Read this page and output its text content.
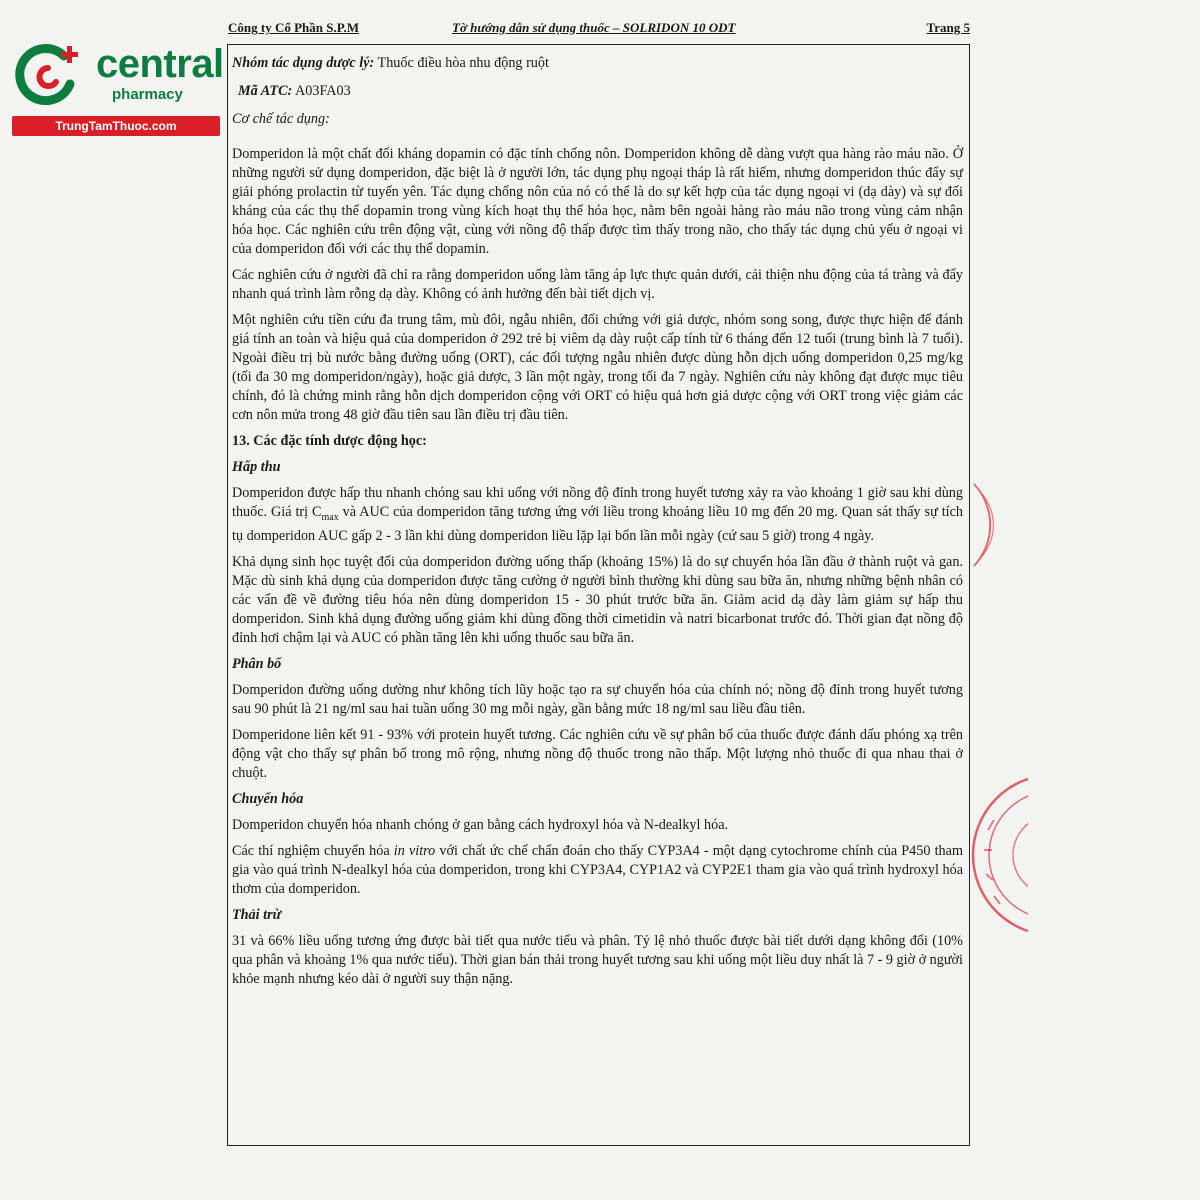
central
pharmacy
TrungTamThuoc.com
Công ty Cổ Phần S.P.M	Tờ hướng dẫn sử dụng thuốc – SOLRIDON 10 ODT	Trang 5

Nhóm tác dụng dược lý: Thuốc điều hòa nhu động ruột

Mã ATC: A03FA03

Cơ chế tác dụng:

Domperidon là một chất đối kháng dopamin có đặc tính chống nôn. Domperidon không dễ dàng vượt qua hàng rào máu não. Ở những người sử dụng domperidon, đặc biệt là ở người lớn, tác dụng phụ ngoại tháp là rất hiếm, nhưng domperidon thúc đẩy sự giải phóng prolactin từ tuyến yên. Tác dụng chống nôn của nó có thể là do sự kết hợp của tác dụng ngoại vi (dạ dày) và sự đối kháng của các thụ thể dopamin trong vùng kích hoạt thụ thể hóa học, nằm bên ngoài hàng rào máu não trong vùng cảm nhận hóa học. Các nghiên cứu trên động vật, cùng với nồng độ thấp được tìm thấy trong não, cho thấy tác dụng chủ yếu ở ngoại vi của domperidon đối với các thụ thể dopamin.

Các nghiên cứu ở người đã chỉ ra rằng domperidon uống làm tăng áp lực thực quản dưới, cải thiện nhu động của tá tràng và đẩy nhanh quá trình làm rỗng dạ dày. Không có ảnh hưởng đến bài tiết dịch vị.

Một nghiên cứu tiền cứu đa trung tâm, mù đôi, ngẫu nhiên, đối chứng với giả dược, nhóm song song, được thực hiện để đánh giá tính an toàn và hiệu quả của domperidon ở 292 trẻ bị viêm dạ dày ruột cấp tính từ 6 tháng đến 12 tuổi (trung bình là 7 tuổi). Ngoài điều trị bù nước bằng đường uống (ORT), các đối tượng ngẫu nhiên được dùng hỗn dịch uống domperidon 0,25 mg/kg (tối đa 30 mg domperidon/ngày), hoặc giả dược, 3 lần một ngày, trong tối đa 7 ngày. Nghiên cứu này không đạt được mục tiêu chính, đó là chứng minh rằng hỗn dịch domperidon cộng với ORT có hiệu quả hơn giả dược cộng với ORT trong việc giảm các cơn nôn mửa trong 48 giờ đầu tiên sau lần điều trị đầu tiên.

13. Các đặc tính dược động học:

Hấp thu

Domperidon được hấp thu nhanh chóng sau khi uống với nồng độ đỉnh trong huyết tương xảy ra vào khoảng 1 giờ sau khi dùng thuốc. Giá trị $C_{max}$ và AUC của domperidon tăng tương ứng với liều trong khoảng liều 10 mg đến 20 mg. Quan sát thấy sự tích tụ domperidon AUC gấp 2 - 3 lần khi dùng domperidon liều lặp lại bốn lần mỗi ngày (cứ sau 5 giờ) trong 4 ngày.

Khả dụng sinh học tuyệt đối của domperidon đường uống thấp (khoảng 15%) là do sự chuyển hóa lần đầu ở thành ruột và gan. Mặc dù sinh khả dụng của domperidon được tăng cường ở người bình thường khi dùng sau bữa ăn, nhưng những bệnh nhân có các vấn đề về đường tiêu hóa nên dùng domperidon 15 - 30 phút trước bữa ăn. Giảm acid dạ dày làm giảm sự hấp thu domperidon. Sinh khả dụng đường uống giảm khi dùng đồng thời cimetidin và natri bicarbonat trước đó. Thời gian đạt nồng độ đỉnh hơi chậm lại và AUC có phần tăng lên khi uống thuốc sau bữa ăn.

Phân bố

Domperidon đường uống dường như không tích lũy hoặc tạo ra sự chuyển hóa của chính nó; nồng độ đỉnh trong huyết tương sau 90 phút là 21 ng/ml sau hai tuần uống 30 mg mỗi ngày, gần bằng mức 18 ng/ml sau liều đầu tiên.

Domperidone liên kết 91 - 93% với protein huyết tương. Các nghiên cứu về sự phân bố của thuốc được đánh dấu phóng xạ trên động vật cho thấy sự phân bố trong mô rộng, nhưng nồng độ thuốc trong não thấp. Một lượng nhỏ thuốc đi qua nhau thai ở chuột.

Chuyển hóa

Domperidon chuyển hóa nhanh chóng ở gan bằng cách hydroxyl hóa và N-dealkyl hóa.

Các thí nghiệm chuyển hóa in vitro với chất ức chế chẩn đoán cho thấy CYP3A4 - một dạng cytochrome chính của P450 tham gia vào quá trình N-dealkyl hóa của domperidon, trong khi CYP3A4, CYP1A2 và CYP2E1 tham gia vào quá trình hydroxyl hóa thơm của domperidon.

Thải trừ

31 và 66% liều uống tương ứng được bài tiết qua nước tiểu và phân. Tỷ lệ nhỏ thuốc được bài tiết dưới dạng không đổi (10% qua phân và khoảng 1% qua nước tiểu). Thời gian bán thải trong huyết tương sau khi uống một liều duy nhất là 7 - 9 giờ ở người khỏe mạnh nhưng kéo dài ở người suy thận nặng.
